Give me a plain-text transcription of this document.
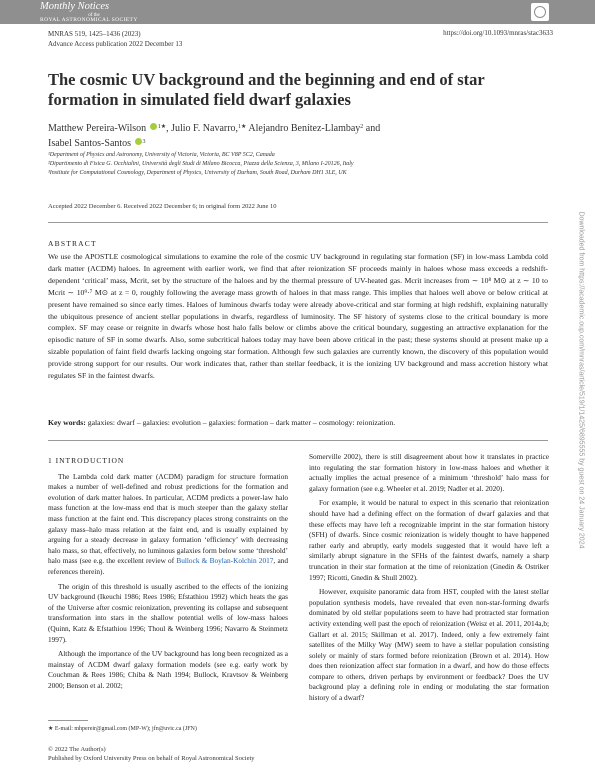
Monthly Notices
of the
ROYAL ASTRONOMICAL SOCIETY
MNRAS 519, 1425–1436 (2023)
Advance Access publication 2022 December 13
https://doi.org/10.1093/mnras/stac3633
The cosmic UV background and the beginning and end of star formation in simulated field dwarf galaxies
Matthew Pereira-Wilson $^{1★}$, Julio F. Navarro,$^{1★}$ Alejandro Benítez-Llambay$^2$ and
Isabel Santos-Santos $^3$
¹Department of Physics and Astronomy, University of Victoria, Victoria, BC V8P 5C2, Canada
²Dipartimento di Fisica G. Occhialini, Università degli Studi di Milano Bicocca, Piazza della Scienza, 3, Milano I-20126, Italy
³Institute for Computational Cosmology, Department of Physics, University of Durham, South Road, Durham DH1 3LE, UK
Accepted 2022 December 6. Received 2022 December 6; in original form 2022 June 10
ABSTRACT
We use the APOSTLE cosmological simulations to examine the role of the cosmic UV background in regulating star formation (SF) in low-mass Lambda cold dark matter (ΛCDM) haloes. In agreement with earlier work, we find that after reionization SF proceeds mainly in haloes whose mass exceeds a redshift-dependent ‘critical’ mass, Mcrit, set by the structure of the haloes and by the thermal pressure of UV-heated gas. Mcrit increases from ∼ 10⁸ M⊙ at z ∼ 10 to Mcrit ∼ 10⁹·⁷ M⊙ at z = 0, roughly following the average mass growth of haloes in that mass range. This implies that haloes well above or below critical at present have remained so since early times. Haloes of luminous dwarfs today were already above-critical and star forming at high redshift, explaining naturally the ubiquitous presence of ancient stellar populations in dwarfs, regardless of luminosity. The SF history of systems close to the critical boundary is more complex. SF may cease or reignite in dwarfs whose host halo falls below or climbs above the critical boundary, suggesting an attractive explanation for the episodic nature of SF in some dwarfs. Also, some subcritical haloes today may have been above critical in the past; these systems should at present make up a sizable population of faint field dwarfs lacking ongoing star formation. Although few such galaxies are currently known, the discovery of this population would provide strong support for our results. Our work indicates that, rather than stellar feedback, it is the ionizing UV background and mass accretion history what regulates SF in the faintest dwarfs.
Key words: galaxies: dwarf – galaxies: evolution – galaxies: formation – dark matter – cosmology: reionization.
1 INTRODUCTION

The Lambda cold dark matter (ΛCDM) paradigm for structure formation makes a number of well-defined and robust predictions for the formation and evolution of dark matter haloes. In particular, ΛCDM predicts a power-law halo mass function at the low-mass end that is much steeper than the galaxy stellar mass function at the faint end. This discrepancy places strong constraints on the galaxy mass–halo mass relation at the faint end, and is usually explained by arguing for a steady decrease in galaxy formation ‘efficiency’ with decreasing halo mass, so that, effectively, no luminous galaxies form below some ‘threshold’ halo mass (see e.g. the excellent review of Bullock & Boylan-Kolchin 2017, and references therein).

The origin of this threshold is usually ascribed to the effects of the ionizing UV background (Ikeuchi 1986; Rees 1986; Efstathiou 1992) which heats the gas of the Universe after cosmic reionization, preventing its collapse and subsequent transformation into stars in the shallow potential wells of low-mass haloes (Quinn, Katz & Efstathiou 1996; Thoul & Weinberg 1996; Navarro & Steinmetz 1997).

Although the importance of the UV background has long been recognized as a mainstay of ΛCDM dwarf galaxy formation models (see e.g. early work by Couchman & Rees 1986; Chiba & Nath 1994; Bullock, Kravtsov & Weinberg 2000; Benson et al. 2002;

Somerville 2002), there is still disagreement about how it translates in practice into regulating the star formation history in low-mass haloes and whether it actually implies the actual presence of a minimum ‘threshold’ halo mass for galaxy formation (see e.g. Wheeler et al. 2019; Nadler et al. 2020).

For example, it would be natural to expect in this scenario that reionization should have had a defining effect on the formation of dwarf galaxies and that these effects may have left a recognizable imprint in the star formation history (SFH) of dwarfs. Since cosmic reionization is widely thought to have happened rather early and abruptly, early models suggested that it would have left a similarly abrupt signature in the SFHs of the faintest dwarfs, namely a sharp truncation in their star formation at the time of reionization (Gnedin & Ostriker 1997; Ricotti, Gnedin & Shull 2002).

However, exquisite panoramic data from HST, coupled with the latest stellar population synthesis models, have revealed that even non-star-forming dwarfs dominated by old stellar populations seem to have had protracted star formation activity extending well past the epoch of reionization (Weisz et al. 2011, 2014a,b; Gallart et al. 2015; Skillman et al. 2017). Indeed, only a few extremely faint satellites of the Milky Way (MW) seem to have a stellar population consisting solely or mainly of stars formed before reionization (Brown et al. 2014). How does then reionization affect star formation in a dwarf, and how do those effects compare to others, driven perhaps by environment or feedback? Does the UV background play a defining role in ending or modulating the star formation history of a dwarf?

★ E-mail: mhpereir@gmail.com (MP-W); jfn@uvic.ca (JFN)
© 2022 The Author(s)
Published by Oxford University Press on behalf of Royal Astronomical Society
Downloaded from https://academic.oup.com/mnras/article/519/1/1425/6895555 by guest on 24 January 2024
